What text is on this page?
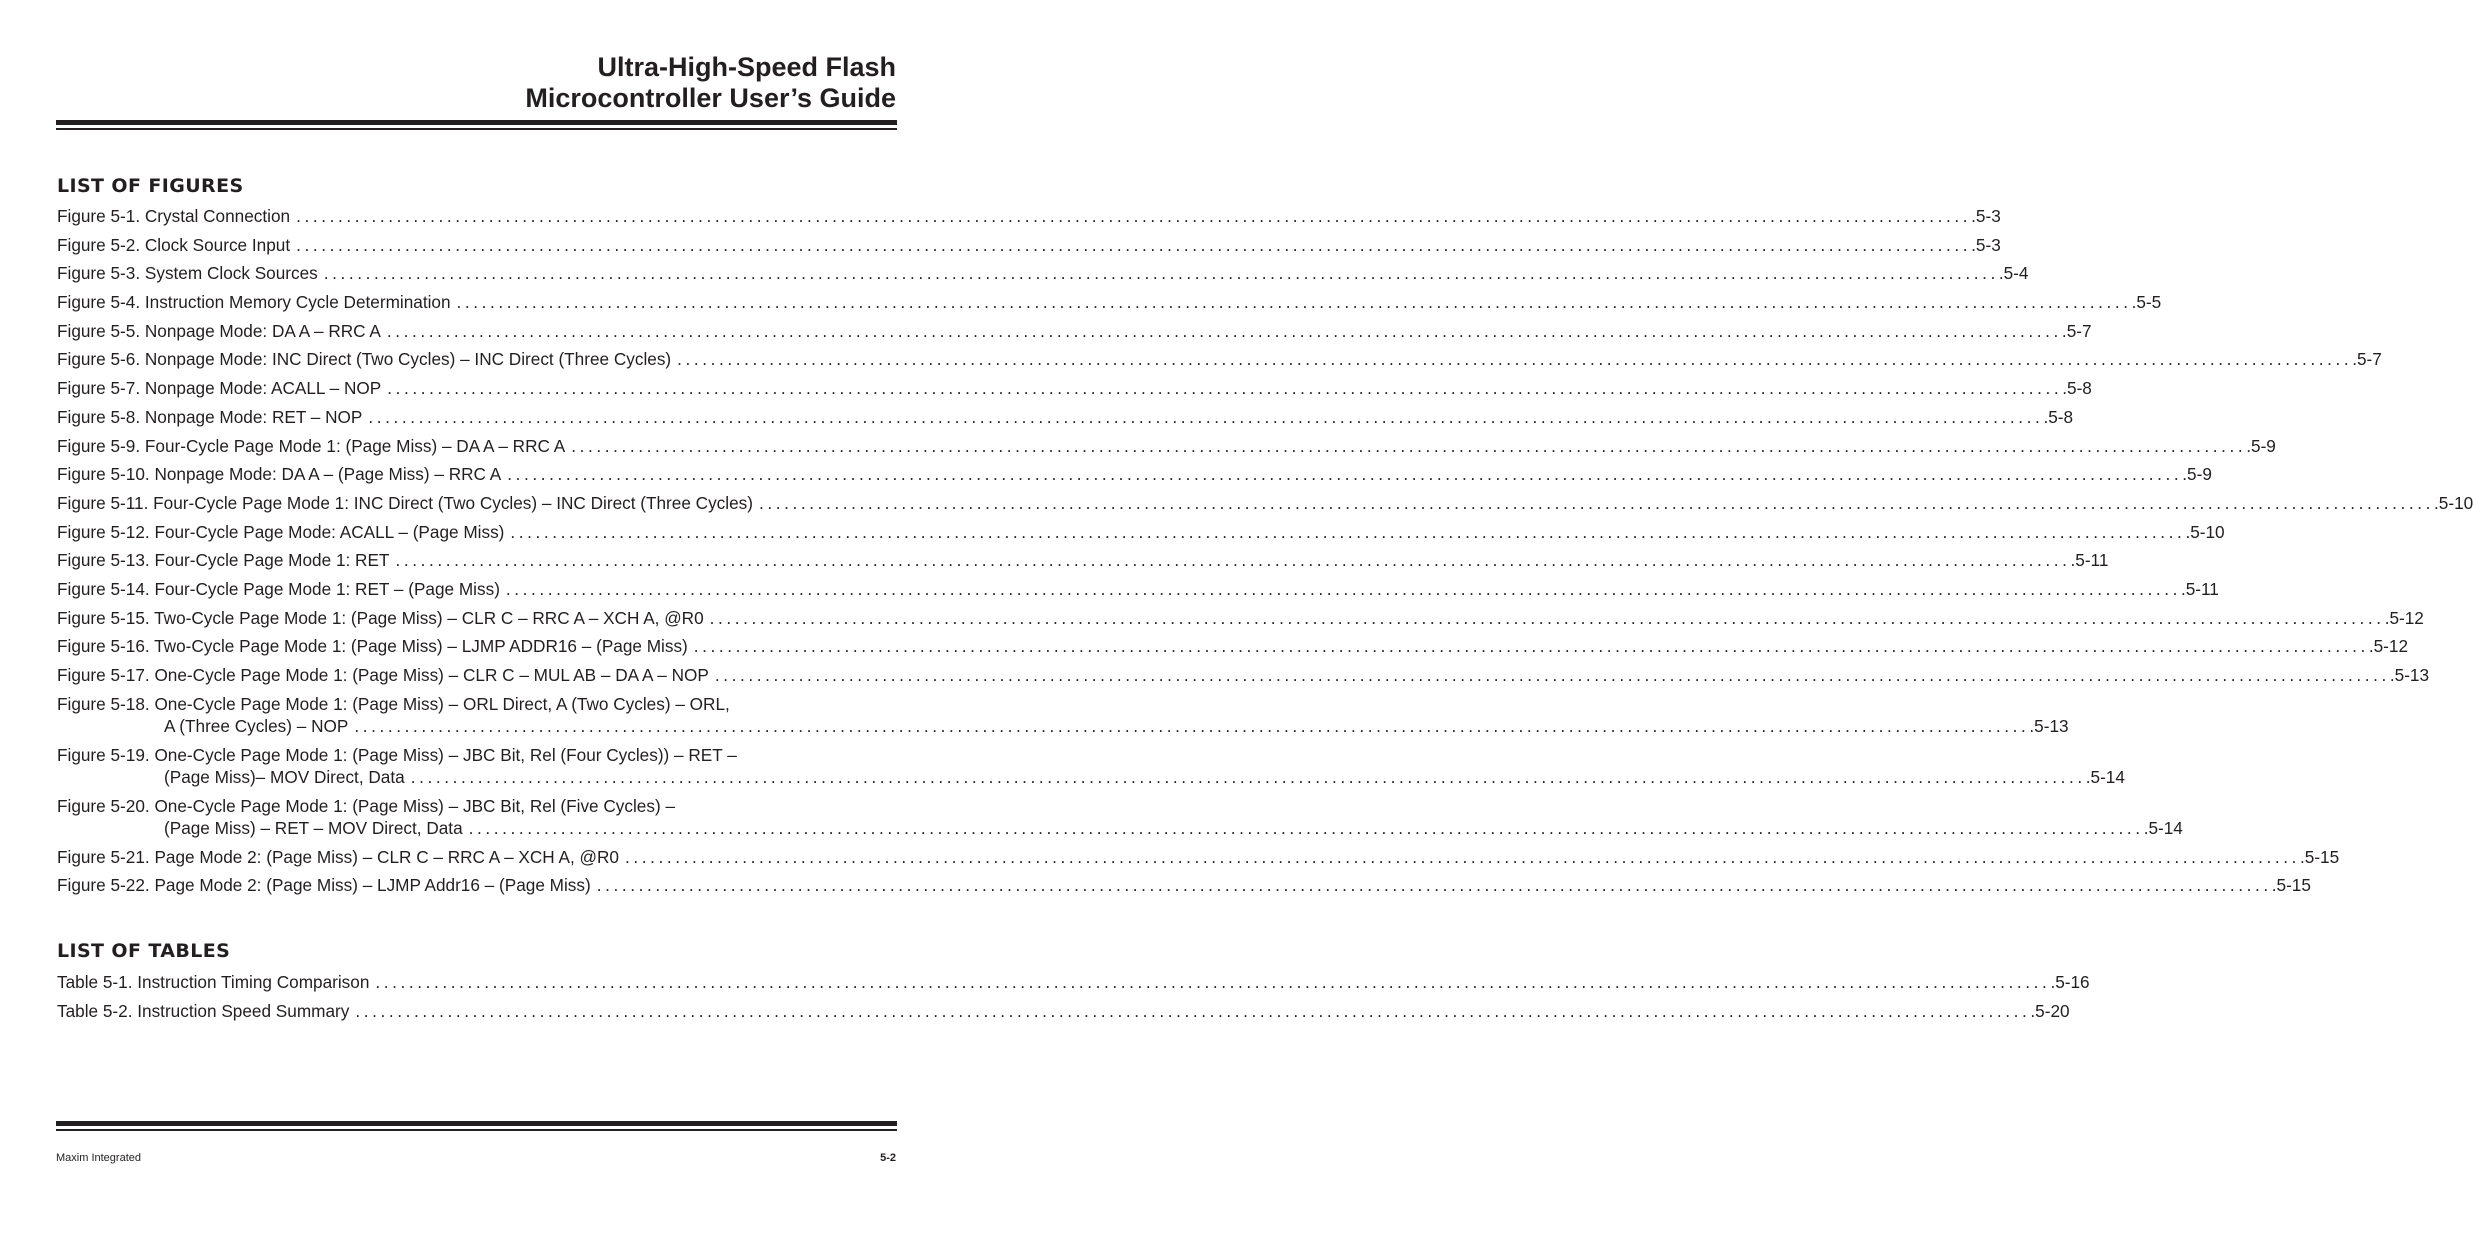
Ultra-High-Speed Flash
Microcontroller User’s Guide
LIST OF FIGURES
Figure 5-1. Crystal Connection ........................................................................................................................................................................................................ .5-3
Figure 5-2. Clock Source Input ........................................................................................................................................................................................................ .5-3
Figure 5-3. System Clock Sources ........................................................................................................................................................................................................ .5-4
Figure 5-4. Instruction Memory Cycle Determination ........................................................................................................................................................................................................ .5-5
Figure 5-5. Nonpage Mode: DA A – RRC A ........................................................................................................................................................................................................ .5-7
Figure 5-6. Nonpage Mode: INC Direct (Two Cycles) – INC Direct (Three Cycles) ........................................................................................................................................................................................................ .5-7
Figure 5-7. Nonpage Mode: ACALL – NOP ........................................................................................................................................................................................................ .5-8
Figure 5-8. Nonpage Mode: RET – NOP ........................................................................................................................................................................................................ .5-8
Figure 5-9. Four-Cycle Page Mode 1: (Page Miss) – DA A – RRC A ........................................................................................................................................................................................................ .5-9
Figure 5-10. Nonpage Mode: DA A – (Page Miss) – RRC A ........................................................................................................................................................................................................ .5-9
Figure 5-11. Four-Cycle Page Mode 1: INC Direct (Two Cycles) – INC Direct (Three Cycles) ........................................................................................................................................................................................................ .5-10
Figure 5-12. Four-Cycle Page Mode: ACALL – (Page Miss) ........................................................................................................................................................................................................ .5-10
Figure 5-13. Four-Cycle Page Mode 1: RET ........................................................................................................................................................................................................ .5-11
Figure 5-14. Four-Cycle Page Mode 1: RET – (Page Miss) ........................................................................................................................................................................................................ .5-11
Figure 5-15. Two-Cycle Page Mode 1: (Page Miss) – CLR C – RRC A – XCH A, @R0 ........................................................................................................................................................................................................ .5-12
Figure 5-16. Two-Cycle Page Mode 1: (Page Miss) – LJMP ADDR16 – (Page Miss) ........................................................................................................................................................................................................ .5-12
Figure 5-17. One-Cycle Page Mode 1: (Page Miss) – CLR C – MUL AB – DA A – NOP ........................................................................................................................................................................................................ .5-13
Figure 5-18. One-Cycle Page Mode 1: (Page Miss) – ORL Direct, A (Two Cycles) – ORL,
A (Three Cycles) – NOP ........................................................................................................................................................................................................ .5-13
Figure 5-19. One-Cycle Page Mode 1: (Page Miss) – JBC Bit, Rel (Four Cycles)) – RET –
(Page Miss)– MOV Direct, Data ........................................................................................................................................................................................................ .5-14
Figure 5-20. One-Cycle Page Mode 1: (Page Miss) – JBC Bit, Rel (Five Cycles) –
(Page Miss) – RET – MOV Direct, Data ........................................................................................................................................................................................................ .5-14
Figure 5-21. Page Mode 2: (Page Miss) – CLR C – RRC A – XCH A, @R0 ........................................................................................................................................................................................................ .5-15
Figure 5-22. Page Mode 2: (Page Miss) – LJMP Addr16 – (Page Miss) ........................................................................................................................................................................................................ .5-15
LIST OF TABLES
Table 5-1. Instruction Timing Comparison ........................................................................................................................................................................................................ .5-16
Table 5-2. Instruction Speed Summary ........................................................................................................................................................................................................ .5-20
Maxim Integrated	5-2
